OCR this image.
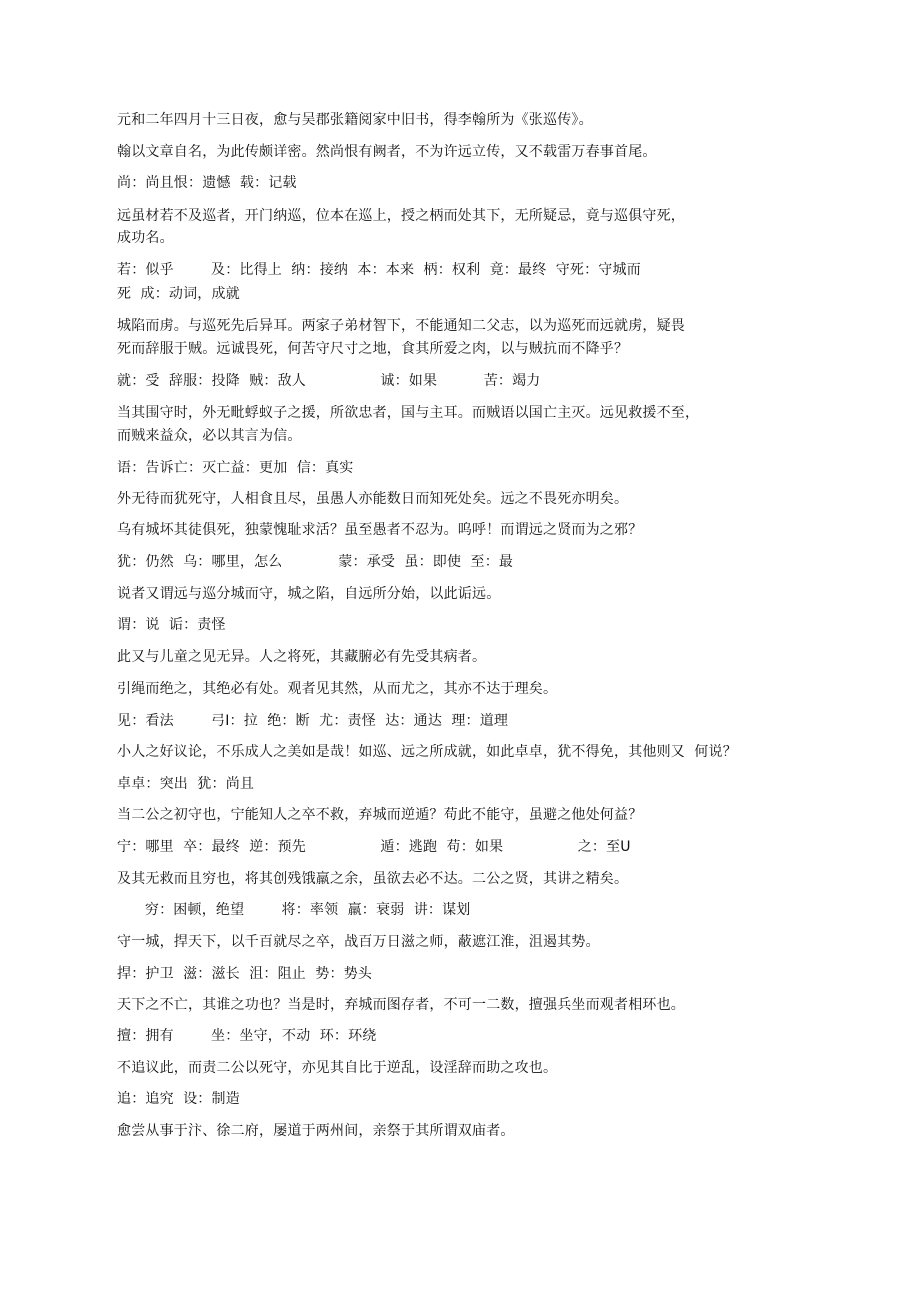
元和二年四月十三日夜，愈与吴郡张籍阅家中旧书，得李翰所为《张巡传》。
翰以文章自名，为此传颇详密。然尚恨有阙者，不为许远立传，又不载雷万春事首尾。
尚：尚且恨：遗憾  载：记载
远虽材若不及巡者，开门纳巡，位本在巡上，授之柄而处其下，无所疑忌，竟与巡俱守死，
成功名。
若：似乎        及：比得上  纳：接纳  本：本来  柄：权利  竟：最终  守死：守城而
死  成：动词，成就
城陷而虏。与巡死先后异耳。两家子弟材智下，不能通知二父志，以为巡死而远就虏，疑畏
死而辞服于贼。远诚畏死，何苦守尺寸之地，食其所爱之肉，以与贼抗而不降乎？
就：受  辞服：投降  贼：敌人                诚：如果          苦：竭力
当其围守时，外无毗蜉蚁子之援，所欲忠者，国与主耳。而贼语以国亡主灭。远见救援不至，
而贼来益众，必以其言为信。
语：告诉亡：灭亡益：更加  信：真实
外无待而犹死守，人相食且尽，虽愚人亦能数日而知死处矣。远之不畏死亦明矣。
乌有城坏其徒俱死，独蒙愧耻求活？虽至愚者不忍为。呜呼！而谓远之贤而为之邪？
犹：仍然  乌：哪里，怎么            蒙：承受  虽：即使  至：最
说者又谓远与巡分城而守，城之陷，自远所分始，以此诟远。
谓：说  诟：责怪
此又与儿童之见无异。人之将死，其藏腑必有先受其病者。
引绳而绝之，其绝必有处。观者见其然，从而尤之，其亦不达于理矣。
见：看法        弓I：拉  绝：断  尤：责怪  达：通达  理：道理
小人之好议论，不乐成人之美如是哉！如巡、远之所成就，如此卓卓，犹不得免，其他则又  何说？
卓卓：突出  犹：尚且
当二公之初守也，宁能知人之卒不救，弃城而逆遁？苟此不能守，虽避之他处何益？
宁：哪里  卒：最终  逆：预先                遁：逃跑  苟：如果                之：至U
及其无救而且穷也，将其创残饿羸之余，虽欲去必不达。二公之贤，其讲之精矣。
穷：困顿，绝望        将：率领  羸：衰弱  讲：谋划
守一城，捍天下，以千百就尽之卒，战百万日滋之师，蔽遮江淮，沮遏其势。
捍：护卫  滋：滋长  沮：阻止  势：势头
天下之不亡，其谁之功也？当是时，弃城而图存者，不可一二数，擅强兵坐而观者相环也。
擅：拥有        坐：坐守，不动  环：环绕
不追议此，而责二公以死守，亦见其自比于逆乱，设淫辞而助之攻也。
追：追究  设：制造
愈尝从事于汴、徐二府，屡道于两州间，亲祭于其所谓双庙者。
